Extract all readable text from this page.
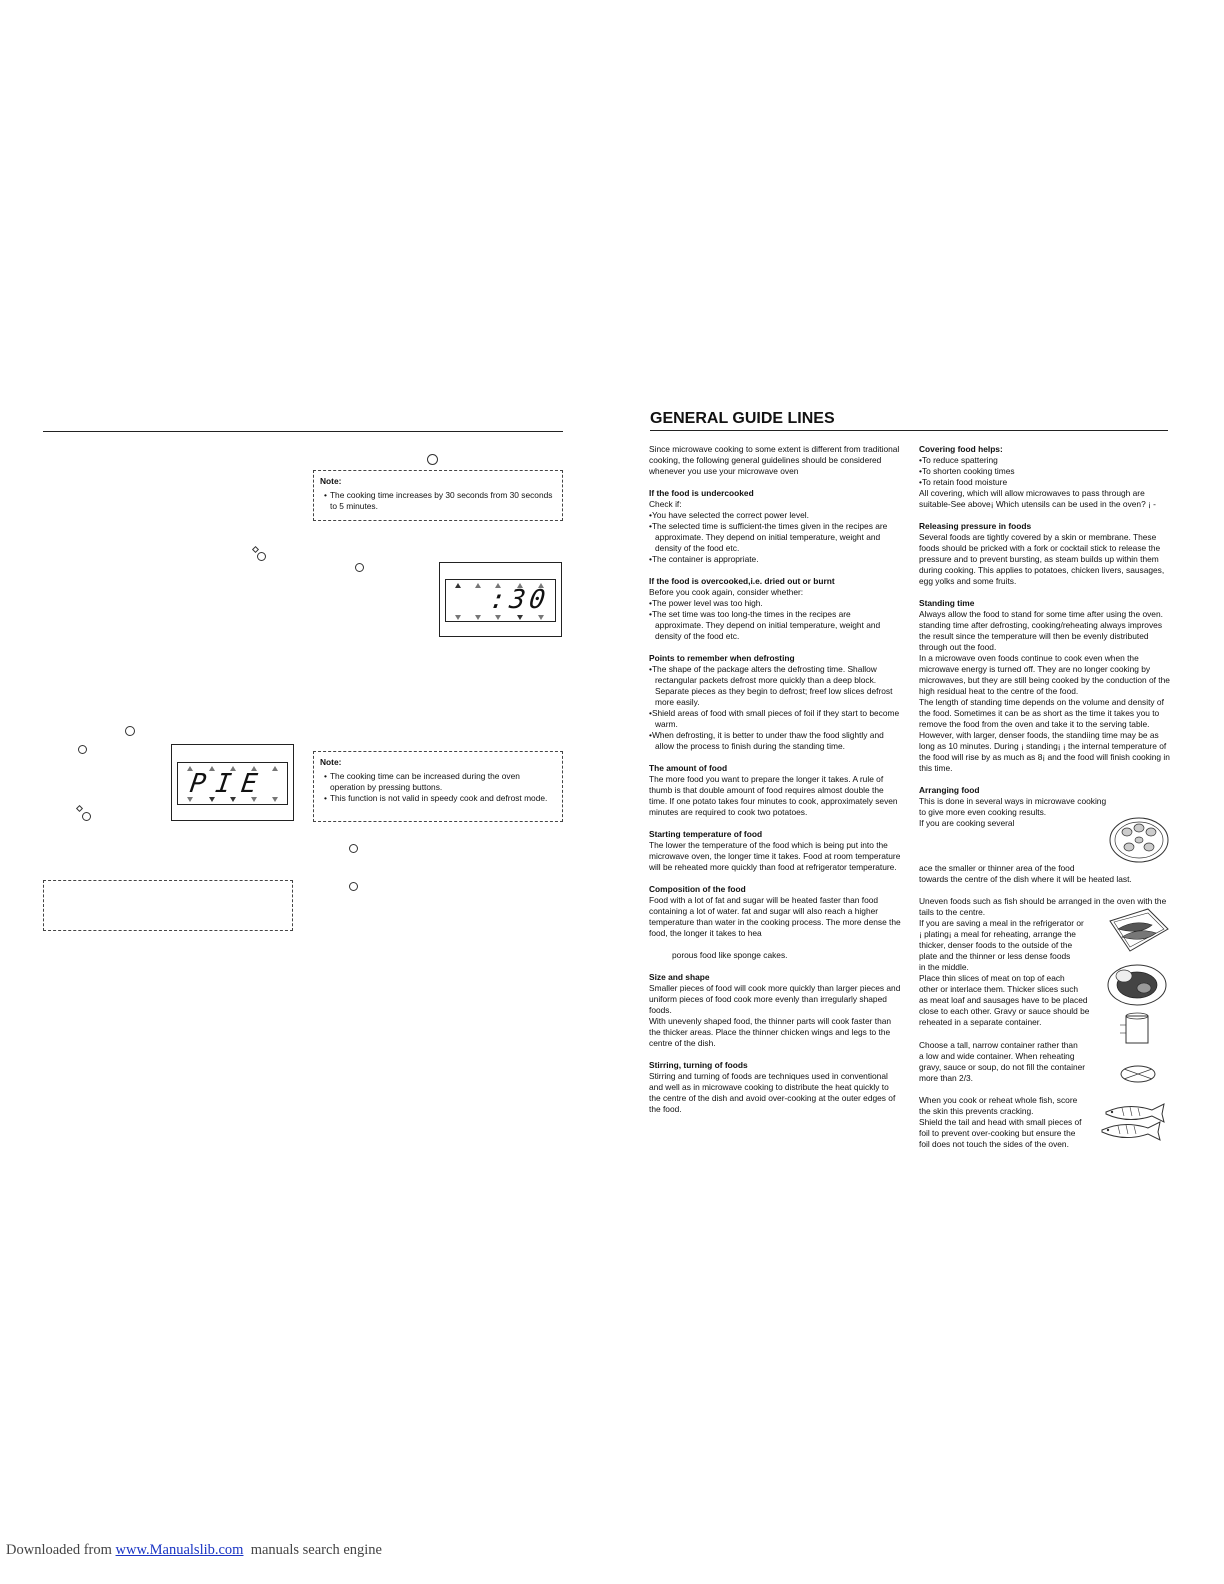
Note:
• The cooking time increases by 30 seconds from 30 seconds to 5 minutes.
:30
PIE
Note:
• The cooking time can be increased during the oven operation by pressing buttons.
• This function is not valid in speedy cook and defrost mode.
GENERAL GUIDE LINES

Since microwave cooking to some extent is different from traditional cooking, the following general guidelines should be considered whenever you use your microwave oven

If the food is undercooked
Check if:
• You have selected the correct power level.
• The selected time is sufficient-the times given in the recipes are approximate. They depend on initial temperature, weight and density of the food etc.
• The container is appropriate.
If the food is overcooked,i.e. dried out or burnt
Before you cook again, consider whether:
• The power level was too high.
• The set time was too long-the times in the recipes are approximate. They depend on initial temperature, weight and density of the food etc.
Points to remember when defrosting
• The shape of the package alters the defrosting time. Shallow rectangular packets defrost more quickly than a deep block. Separate pieces as they begin to defrost; freef low slices defrost more easily.
• Shield areas of food with small pieces of foil if they start to become warm.
• When defrosting, it is better to under thaw the food slightly and allow the process to finish during the standing time.
The amount of food
The more food you want to prepare the longer it takes. A rule of thumb is that double amount of food requires almost double the time. If one potato takes four minutes to cook, approximately seven minutes are required to cook two potatoes.
Starting temperature of food
The lower the temperature of the food which is being put into the microwave oven, the longer time it takes. Food at room temperature will be reheated more quickly than food at refrigerator temperature.
Composition of the food
Food with a lot of fat and sugar will be heated faster than food containing a lot of water. fat and sugar will also reach a higher temperature than water in the cooking process. The more dense the food, the longer it takes to hea
porous food like sponge cakes.
Size and shape
Smaller pieces of food will cook more quickly than larger pieces and uniform pieces of food cook more evenly than irregularly shaped foods.
With unevenly shaped food, the thinner parts will cook faster than the thicker areas. Place the thinner chicken wings and legs to the centre of the dish.
Stirring, turning of foods
Stirring and turning of foods are techniques used in conventional and well as in microwave cooking to distribute the heat quickly to the centre of the dish and avoid over-cooking at the outer edges of the food.
Covering food helps:
• To reduce spattering
• To shorten cooking times
• To retain food moisture
All covering, which will allow microwaves to pass through are suitable-See above¡ Which utensils can be used in the oven? ¡ -
Releasing pressure in foods
Several foods are tightly covered by a skin or membrane. These foods should be pricked with a fork or cocktail stick to release the pressure and to prevent bursting, as steam builds up within them during cooking. This applies to potatoes, chicken livers, sausages, egg yolks and some fruits.
Standing time
Always allow the food to stand for some time after using the oven. standing time after defrosting, cooking/reheating always improves the result since the temperature will then be evenly distributed through out the food.
In a microwave oven foods continue to cook even when the microwave energy is turned off. They are no longer cooking by microwaves, but they are still being cooked by the conduction of the high residual heat to the centre of the food.
The length of standing time depends on the volume and density of the food. Sometimes it can be as short as the time it takes you to remove the food from the oven and take it to the serving table. However, with larger, denser foods, the standiing time may be as long as 10 minutes. During ¡ standing¡ ¡ the internal temperature of the food will rise by as much as 8¡ and the food will finish cooking in this time.
Arranging food
This is done in several ways in microwave cooking to give more even cooking results.
If you are cooking several
ace the smaller or thinner area of the food
towards the centre of the dish where it will be heated last.
Uneven foods such as fish should be arranged in the oven with the tails to the centre.
If you are saving a meal in the refrigerator or
¡ plating¡ a meal for reheating, arrange the
thicker, denser foods to the outside of the
plate and the thinner or less dense foods
in the middle.
Place thin slices of meat on top of each
other or interlace them. Thicker slices such
as meat loaf and sausages have to be placed
close to each other. Gravy or sauce should be
reheated in a separate container.
Choose a tall, narrow container rather than
a low and wide container. When reheating
gravy, sauce or soup, do not fill the container
more than 2/3.
When you cook or reheat whole fish, score
the skin this prevents cracking.
Shield the tail and head with small pieces of
foil to prevent over-cooking but ensure the
foil does not touch the sides of the oven.
Downloaded from www.Manualslib.com  manuals search engine
